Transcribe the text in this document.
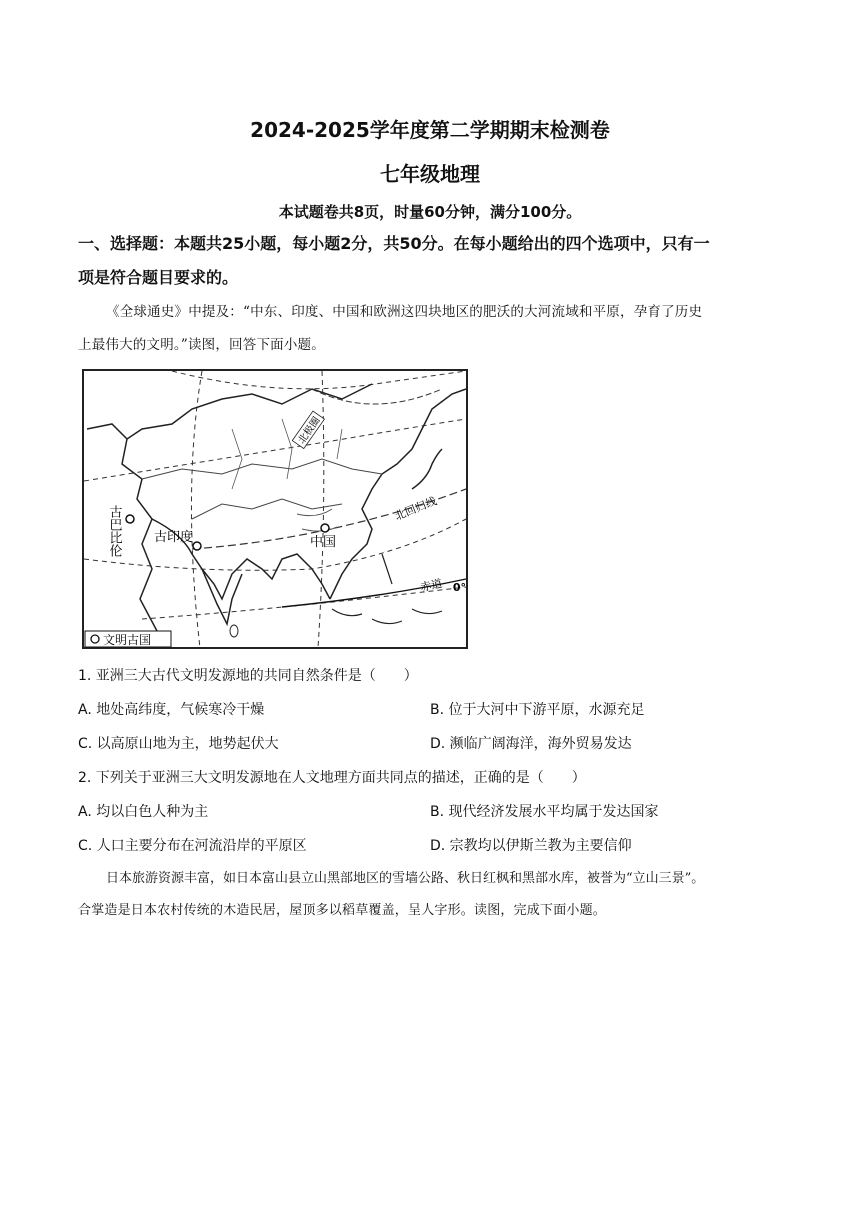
2024-2025学年度第二学期期末检测卷
七年级地理
本试题卷共8页，时量60分钟，满分100分。
一、选择题：本题共25小题，每小题2分，共50分。在每小题给出的四个选项中，只有一
项是符合题目要求的。
《全球通史》中提及：“中东、印度、中国和欧洲这四块地区的肥沃的大河流域和平原，孕育了历史
上最伟大的文明。”读图，回答下面小题。
北极圈
北回归线
赤道 0°
古巴比伦	古印度	中国
文明古国
1. 亚洲三大古代文明发源地的共同自然条件是（　　）
A. 地处高纬度，气候寒冷干燥	B. 位于大河中下游平原，水源充足
C. 以高原山地为主，地势起伏大	D. 濒临广阔海洋，海外贸易发达
2. 下列关于亚洲三大文明发源地在人文地理方面共同点的描述，正确的是（　　）
A. 均以白色人种为主	B. 现代经济发展水平均属于发达国家
C. 人口主要分布在河流沿岸的平原区	D. 宗教均以伊斯兰教为主要信仰
日本旅游资源丰富，如日本富山县立山黑部地区的雪墙公路、秋日红枫和黑部水库，被誉为“立山三景”。
合掌造是日本农村传统的木造民居，屋顶多以稻草覆盖，呈人字形。读图，完成下面小题。
